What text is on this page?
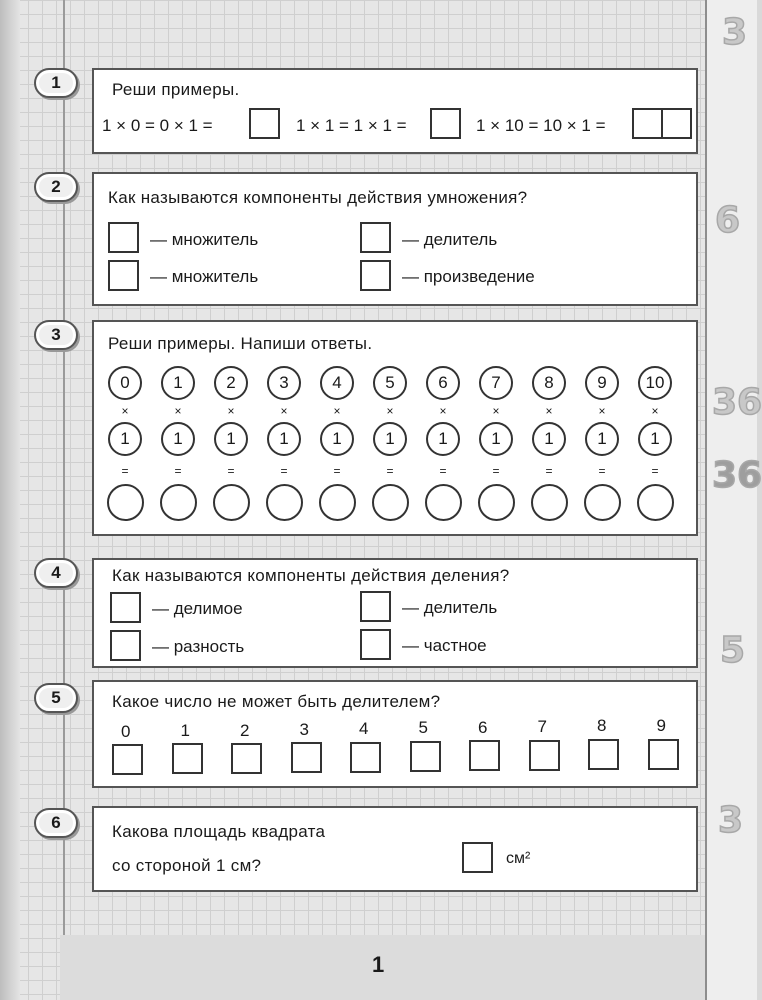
3
6
36
36
5
3
1	Реши примеры.
1 × 0 = 0 × 1 =	1 × 1 = 1 × 1 =	1 × 10 = 10 × 1 =
2
Как называются компоненты действия умножения?
— множитель	— делитель
— множитель	— произведение
3	Реши примеры. Напиши ответы.
0
×
1
=
1
×
1
=
2
×
1
=
3
×
1
=
4
×
1
=
5
×
1
=
6
×
1
=
7
×
1
=
8
×
1
=
9
×
1
=
10
×
1
=
4	Как называются компоненты действия деления?
— делимое	— делитель
— разность	— частное
5	Какое число не может быть делителем?
0	1	2	3	4	5	6	7	8	9
6	Какова площадь квадрата
со стороной 1 см?	см²
1
